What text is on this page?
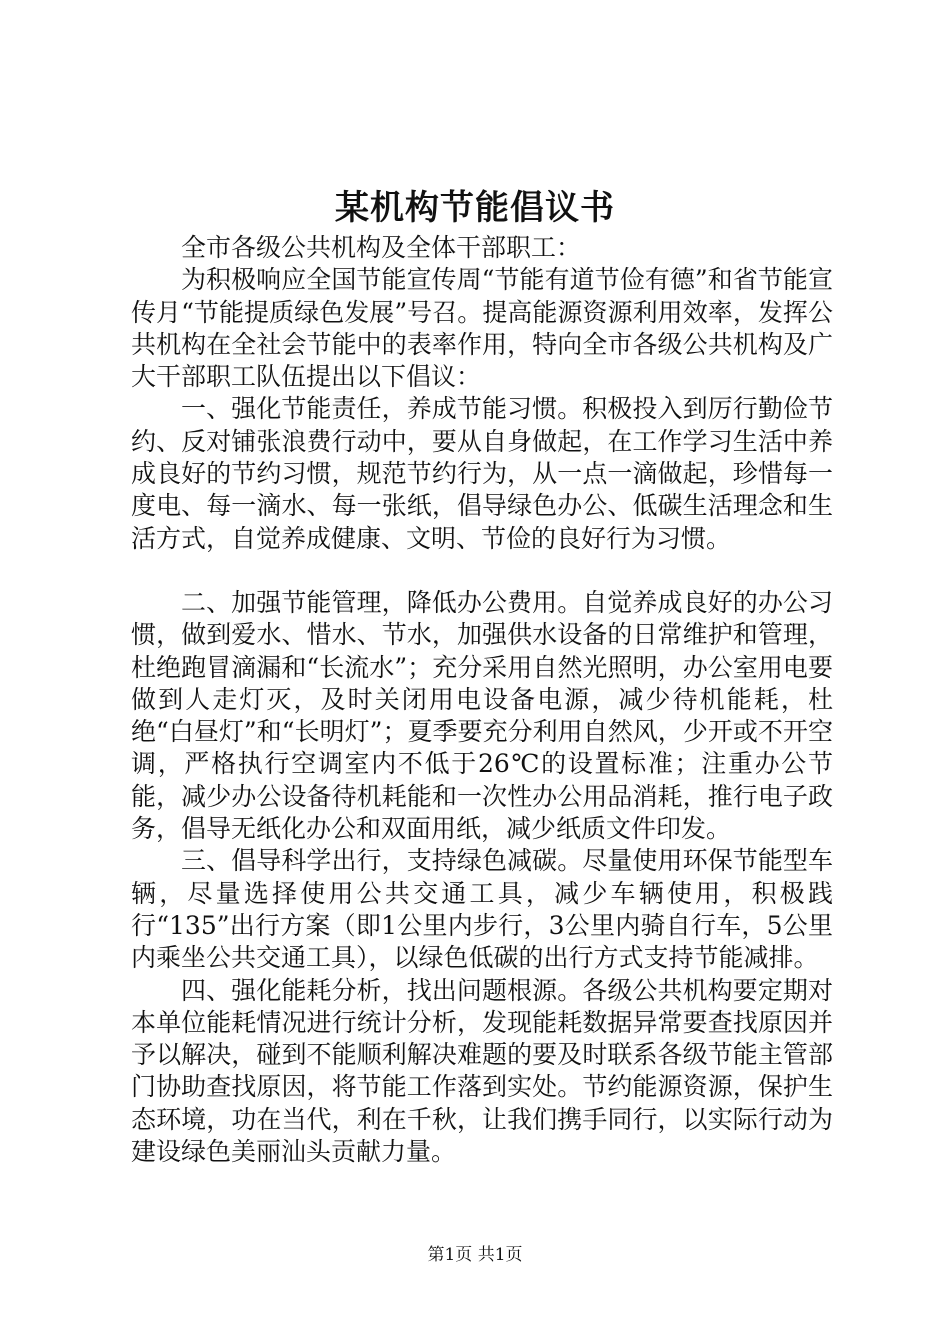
某机构节能倡议书

全市各级公共机构及全体干部职工：

为积极响应全国节能宣传周“节能有道节俭有德”和省节能宣传月“节能提质绿色发展”号召。提高能源资源利用效率，发挥公共机构在全社会节能中的表率作用，特向全市各级公共机构及广大干部职工队伍提出以下倡议：

一、强化节能责任，养成节能习惯。积极投入到厉行勤俭节约、反对铺张浪费行动中，要从自身做起，在工作学习生活中养成良好的节约习惯，规范节约行为，从一点一滴做起，珍惜每一度电、每一滴水、每一张纸，倡导绿色办公、低碳生活理念和生活方式，自觉养成健康、文明、节俭的良好行为习惯。

二、加强节能管理，降低办公费用。自觉养成良好的办公习惯，做到爱水、惜水、节水，加强供水设备的日常维护和管理，杜绝跑冒滴漏和“长流水”；充分采用自然光照明，办公室用电要做到人走灯灭，及时关闭用电设备电源，减少待机能耗，杜绝“白昼灯”和“长明灯”；夏季要充分利用自然风，少开或不开空调，严格执行空调室内不低于26℃的设置标准；注重办公节能，减少办公设备待机耗能和一次性办公用品消耗，推行电子政务，倡导无纸化办公和双面用纸，减少纸质文件印发。

三、倡导科学出行，支持绿色减碳。尽量使用环保节能型车辆，尽量选择使用公共交通工具，减少车辆使用，积极践行“135”出行方案（即1公里内步行，3公里内骑自行车，5公里内乘坐公共交通工具），以绿色低碳的出行方式支持节能减排。

四、强化能耗分析，找出问题根源。各级公共机构要定期对本单位能耗情况进行统计分析，发现能耗数据异常要查找原因并予以解决，碰到不能顺利解决难题的要及时联系各级节能主管部门协助查找原因，将节能工作落到实处。节约能源资源，保护生态环境，功在当代，利在千秋，让我们携手同行，以实际行动为建设绿色美丽汕头贡献力量。

第1页 共1页
